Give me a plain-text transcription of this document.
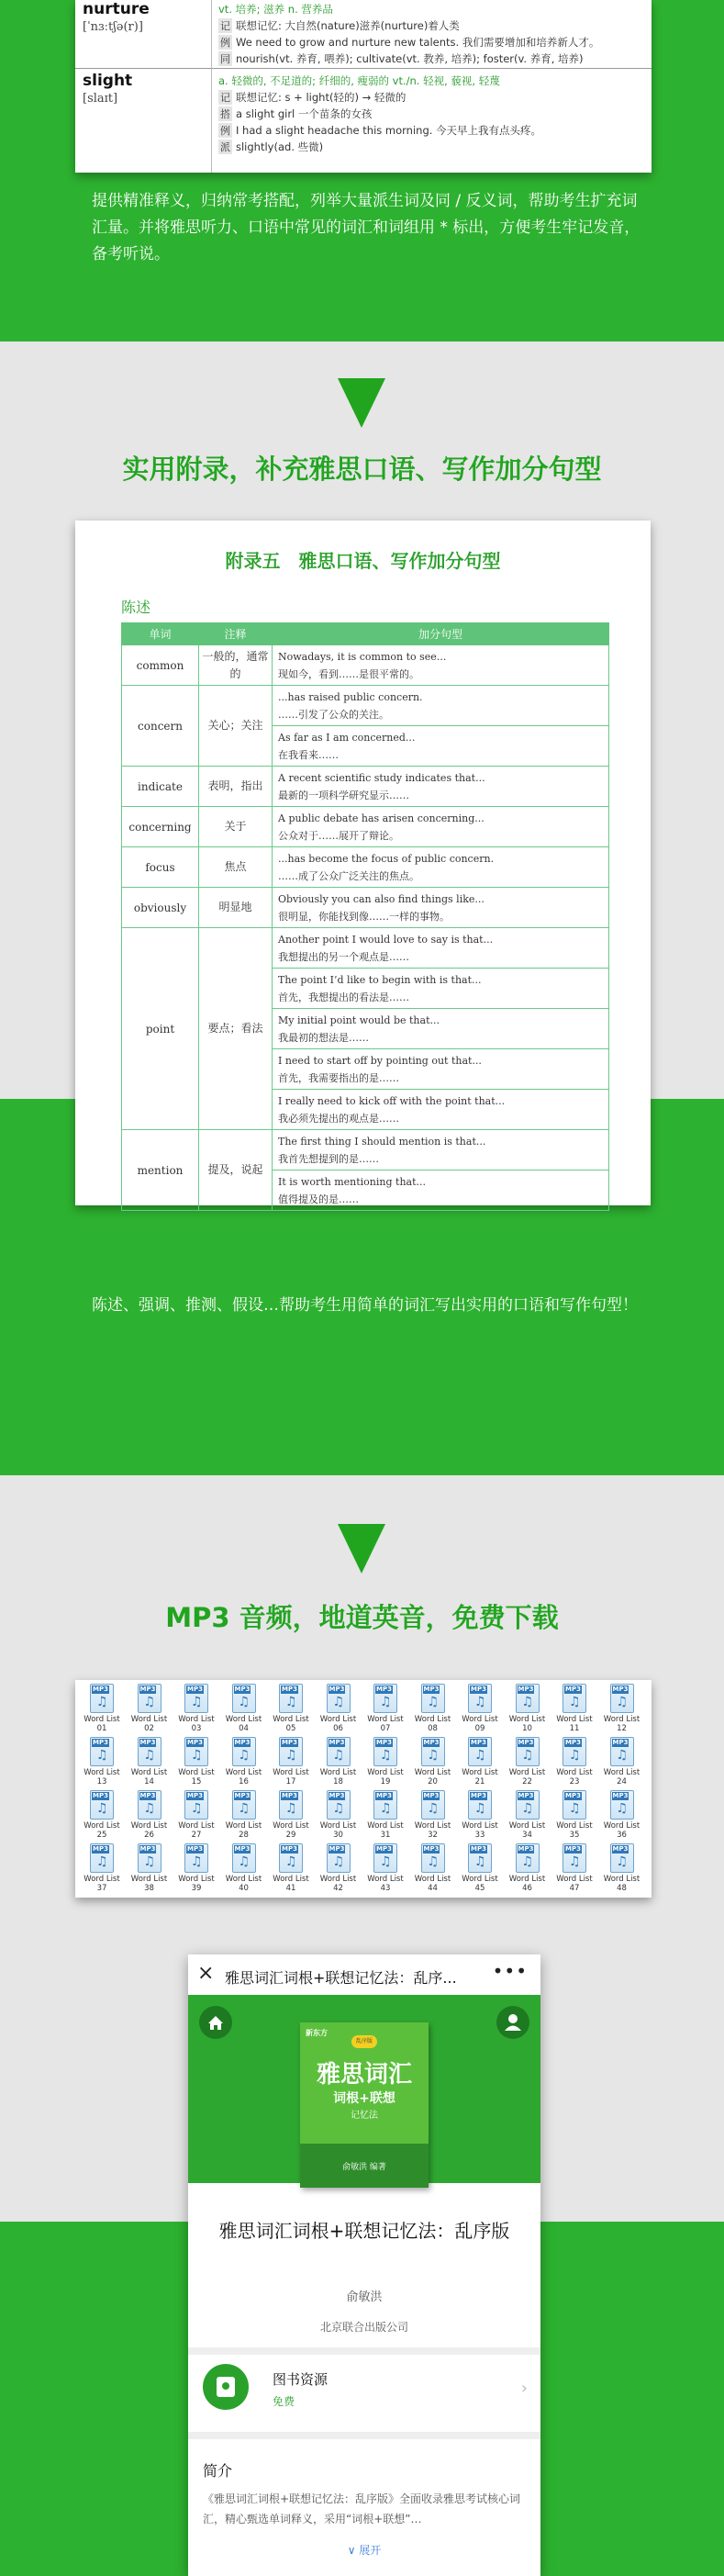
nurture
[ˈnɜːtʃə(r)]
vt. 培养; 滋养 n. 营养品
记 联想记忆: 大自然(nature)滋养(nurture)着人类
例 We need to grow and nurture new talents. 我们需要增加和培养新人才。
同 nourish(vt. 养育, 喂养); cultivate(vt. 教养, 培养); foster(v. 养育, 培养)
slight
[slaɪt]
a. 轻微的, 不足道的; 纤细的, 瘦弱的 vt./n. 轻视, 藐视, 轻蔑
记 联想记忆: s + light(轻的) → 轻微的
搭 a slight girl 一个苗条的女孩
例 I had a slight headache this morning. 今天早上我有点头疼。
派 slightly(ad. 些微)
提供精准释义，归纳常考搭配，列举大量派生词及同 / 反义词，帮助考生扩充词汇量。并将雅思听力、口语中常见的词汇和词组用 * 标出，方便考生牢记发音，备考听说。
实用附录，补充雅思口语、写作加分句型
附录五　雅思口语、写作加分句型
陈述
单词	注释	加分句型
common	一般的，通常的	Nowadays, it is common to see...
现如今，看到……是很平常的。

concern	关心；关注	...has raised public concern.
……引发了公众的关注。

		As far as I am concerned...
在我看来……

indicate	表明，指出	A recent scientific study indicates that...
最新的一项科学研究显示……

concerning	关于	A public debate has arisen concerning...
公众对于……展开了辩论。

focus	焦点	...has become the focus of public concern.
……成了公众广泛关注的焦点。

obviously	明显地	Obviously you can also find things like...
很明显，你能找到像……一样的事物。

point	要点；看法	Another point I would love to say is that...
我想提出的另一个观点是……

		The point I’d like to begin with is that...
首先，我想提出的看法是……

		My initial point would be that...
我最初的想法是……

		I need to start off by pointing out that...
首先，我需要指出的是……

		I really need to kick off with the point that...
我必须先提出的观点是……

mention	提及，说起	The first thing I should mention is that...
我首先想提到的是……

		It is worth mentioning that...
值得提及的是……
陈述、强调、推测、假设…帮助考生用简单的词汇写出实用的口语和写作句型！
MP3 音频，地道英音，免费下载
MP3
♫
Word List
01
MP3
♫
Word List
02
MP3
♫
Word List
03
MP3
♫
Word List
04
MP3
♫
Word List
05
MP3
♫
Word List
06
MP3
♫
Word List
07
MP3
♫
Word List
08
MP3
♫
Word List
09
MP3
♫
Word List
10
MP3
♫
Word List
11
MP3
♫
Word List
12
MP3
♫
Word List
13
MP3
♫
Word List
14
MP3
♫
Word List
15
MP3
♫
Word List
16
MP3
♫
Word List
17
MP3
♫
Word List
18
MP3
♫
Word List
19
MP3
♫
Word List
20
MP3
♫
Word List
21
MP3
♫
Word List
22
MP3
♫
Word List
23
MP3
♫
Word List
24
MP3
♫
Word List
25
MP3
♫
Word List
26
MP3
♫
Word List
27
MP3
♫
Word List
28
MP3
♫
Word List
29
MP3
♫
Word List
30
MP3
♫
Word List
31
MP3
♫
Word List
32
MP3
♫
Word List
33
MP3
♫
Word List
34
MP3
♫
Word List
35
MP3
♫
Word List
36
MP3
♫
Word List
37
MP3
♫
Word List
38
MP3
♫
Word List
39
MP3
♫
Word List
40
MP3
♫
Word List
41
MP3
♫
Word List
42
MP3
♫
Word List
43
MP3
♫
Word List
44
MP3
♫
Word List
45
MP3
♫
Word List
46
MP3
♫
Word List
47
MP3
♫
Word List
48
× 雅思词汇词根+联想记忆法：乱序... •••
新东方
乱序版
雅思词汇
词根+联想
记忆法
俞敏洪 编著
雅思词汇词根+联想记忆法：乱序版
俞敏洪
北京联合出版公司
图书资源
免费
›
简介
《雅思词汇词根+联想记忆法：乱序版》全面收录雅思考试核心词汇，精心甄选单词释义，采用“词根+联想”…
∨ 展开
